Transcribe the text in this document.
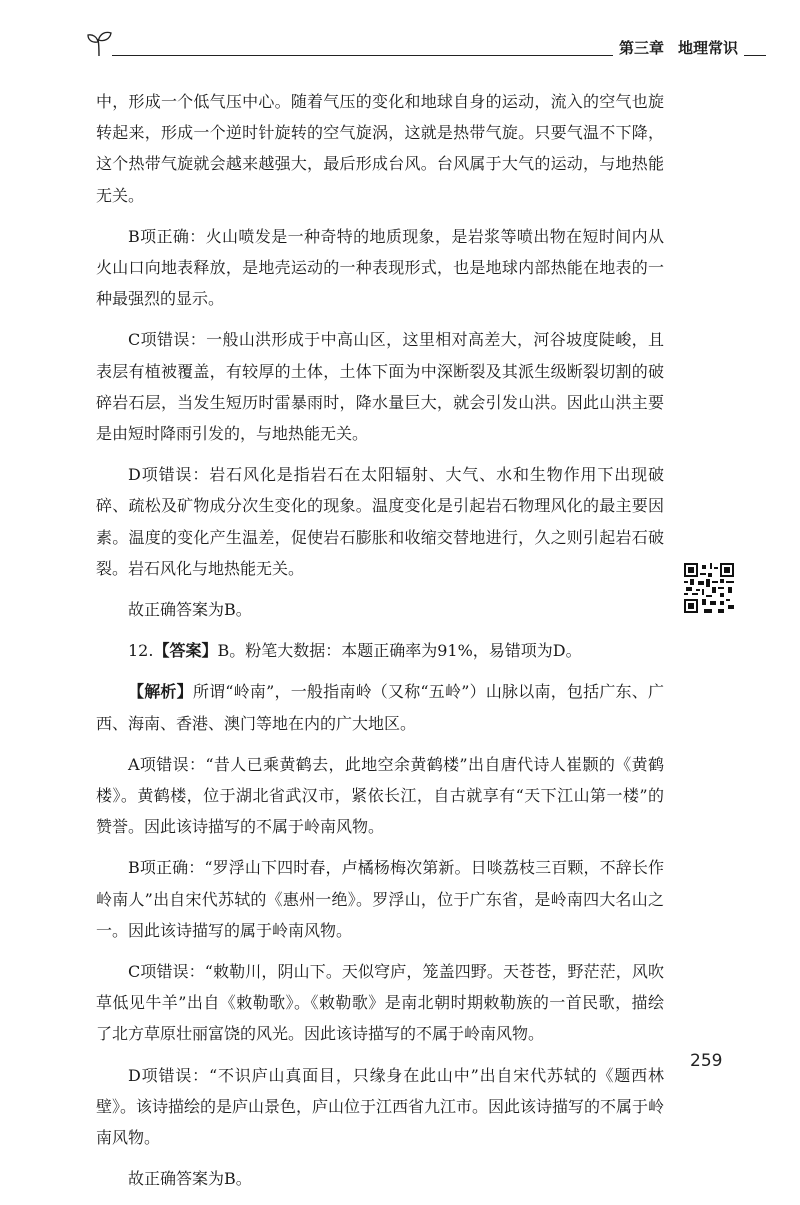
第三章 地理常识

中，形成一个低气压中心。随着气压的变化和地球自身的运动，流入的空气也旋转起来，形成一个逆时针旋转的空气旋涡，这就是热带气旋。只要气温不下降，这个热带气旋就会越来越强大，最后形成台风。台风属于大气的运动，与地热能无关。

B项正确：火山喷发是一种奇特的地质现象，是岩浆等喷出物在短时间内从火山口向地表释放，是地壳运动的一种表现形式，也是地球内部热能在地表的一种最强烈的显示。

C项错误：一般山洪形成于中高山区，这里相对高差大，河谷坡度陡峻，且表层有植被覆盖，有较厚的土体，土体下面为中深断裂及其派生级断裂切割的破碎岩石层，当发生短历时雷暴雨时，降水量巨大，就会引发山洪。因此山洪主要是由短时降雨引发的，与地热能无关。

D项错误：岩石风化是指岩石在太阳辐射、大气、水和生物作用下出现破碎、疏松及矿物成分次生变化的现象。温度变化是引起岩石物理风化的最主要因素。温度的变化产生温差，促使岩石膨胀和收缩交替地进行，久之则引起岩石破裂。岩石风化与地热能无关。

故正确答案为B。

12.【答案】B。粉笔大数据：本题正确率为91%，易错项为D。

【解析】所谓“岭南”，一般指南岭（又称“五岭”）山脉以南，包括广东、广西、海南、香港、澳门等地在内的广大地区。

A项错误：“昔人已乘黄鹤去，此地空余黄鹤楼”出自唐代诗人崔颢的《黄鹤楼》。黄鹤楼，位于湖北省武汉市，紧依长江，自古就享有“天下江山第一楼”的赞誉。因此该诗描写的不属于岭南风物。

B项正确：“罗浮山下四时春，卢橘杨梅次第新。日啖荔枝三百颗，不辞长作岭南人”出自宋代苏轼的《惠州一绝》。罗浮山，位于广东省，是岭南四大名山之一。因此该诗描写的属于岭南风物。

C项错误：“敕勒川，阴山下。天似穹庐，笼盖四野。天苍苍，野茫茫，风吹草低见牛羊”出自《敕勒歌》。《敕勒歌》是南北朝时期敕勒族的一首民歌，描绘了北方草原壮丽富饶的风光。因此该诗描写的不属于岭南风物。

D项错误：“不识庐山真面目，只缘身在此山中”出自宋代苏轼的《题西林壁》。该诗描绘的是庐山景色，庐山位于江西省九江市。因此该诗描写的不属于岭南风物。

故正确答案为B。

259
